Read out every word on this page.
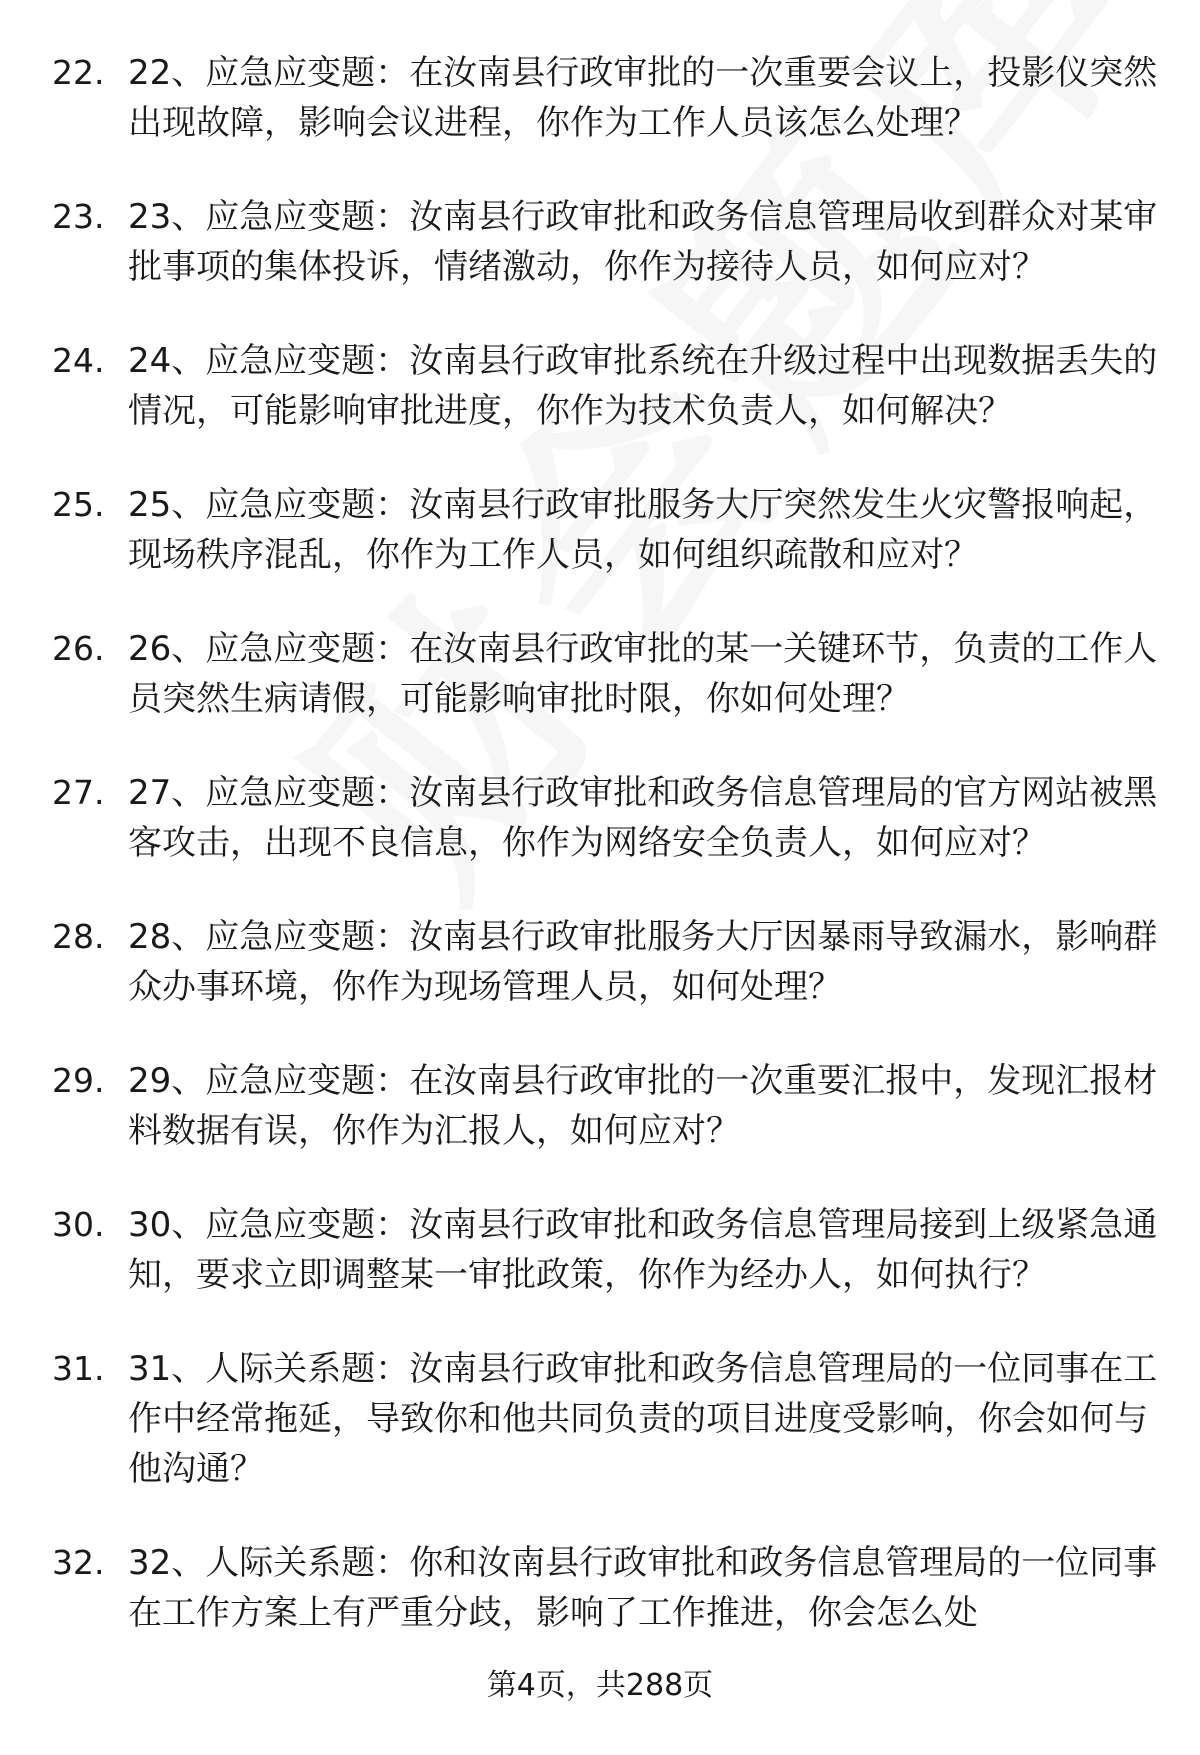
22. 22、应急应变题：在汝南县行政审批的一次重要会议上，投影仪突然出现故障，影响会议进程，你作为工作人员该怎么处理？
23. 23、应急应变题：汝南县行政审批和政务信息管理局收到群众对某审批事项的集体投诉，情绪激动，你作为接待人员，如何应对？
24. 24、应急应变题：汝南县行政审批系统在升级过程中出现数据丢失的情况，可能影响审批进度，你作为技术负责人，如何解决？
25. 25、应急应变题：汝南县行政审批服务大厅突然发生火灾警报响起，现场秩序混乱，你作为工作人员，如何组织疏散和应对？
26. 26、应急应变题：在汝南县行政审批的某一关键环节，负责的工作人员突然生病请假，可能影响审批时限，你如何处理？
27. 27、应急应变题：汝南县行政审批和政务信息管理局的官方网站被黑客攻击，出现不良信息，你作为网络安全负责人，如何应对？
28. 28、应急应变题：汝南县行政审批服务大厅因暴雨导致漏水，影响群众办事环境，你作为现场管理人员，如何处理？
29. 29、应急应变题：在汝南县行政审批的一次重要汇报中，发现汇报材料数据有误，你作为汇报人，如何应对？
30. 30、应急应变题：汝南县行政审批和政务信息管理局接到上级紧急通知，要求立即调整某一审批政策，你作为经办人，如何执行？
31. 31、人际关系题：汝南县行政审批和政务信息管理局的一位同事在工作中经常拖延，导致你和他共同负责的项目进度受影响，你会如何与他沟通？
32. 32、人际关系题：你和汝南县行政审批和政务信息管理局的一位同事在工作方案上有严重分歧，影响了工作推进，你会怎么处
第4页，共288页
